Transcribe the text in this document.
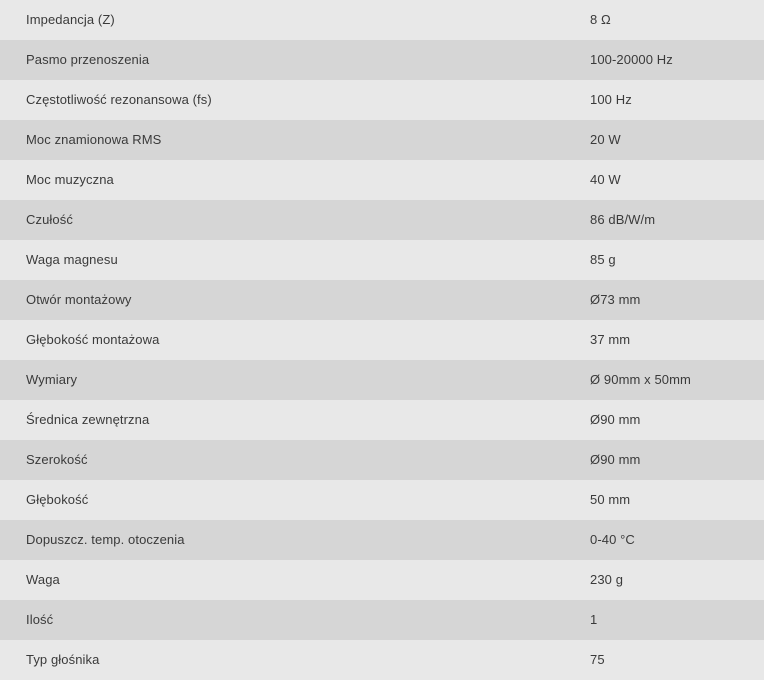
Impedancja (Z)	8 Ω
Pasmo przenoszenia	100-20000 Hz
Częstotliwość rezonansowa (fs)	100 Hz
Moc znamionowa RMS	20 W
Moc muzyczna	40 W
Czułość	86 dB/W/m
Waga magnesu	85 g
Otwór montażowy	Ø73 mm
Głębokość montażowa	37 mm
Wymiary	Ø 90mm x 50mm
Średnica zewnętrzna	Ø90 mm
Szerokość	Ø90 mm
Głębokość	50 mm
Dopuszcz. temp. otoczenia	0-40 °C
Waga	230 g
Ilość	1
Typ głośnika	75
